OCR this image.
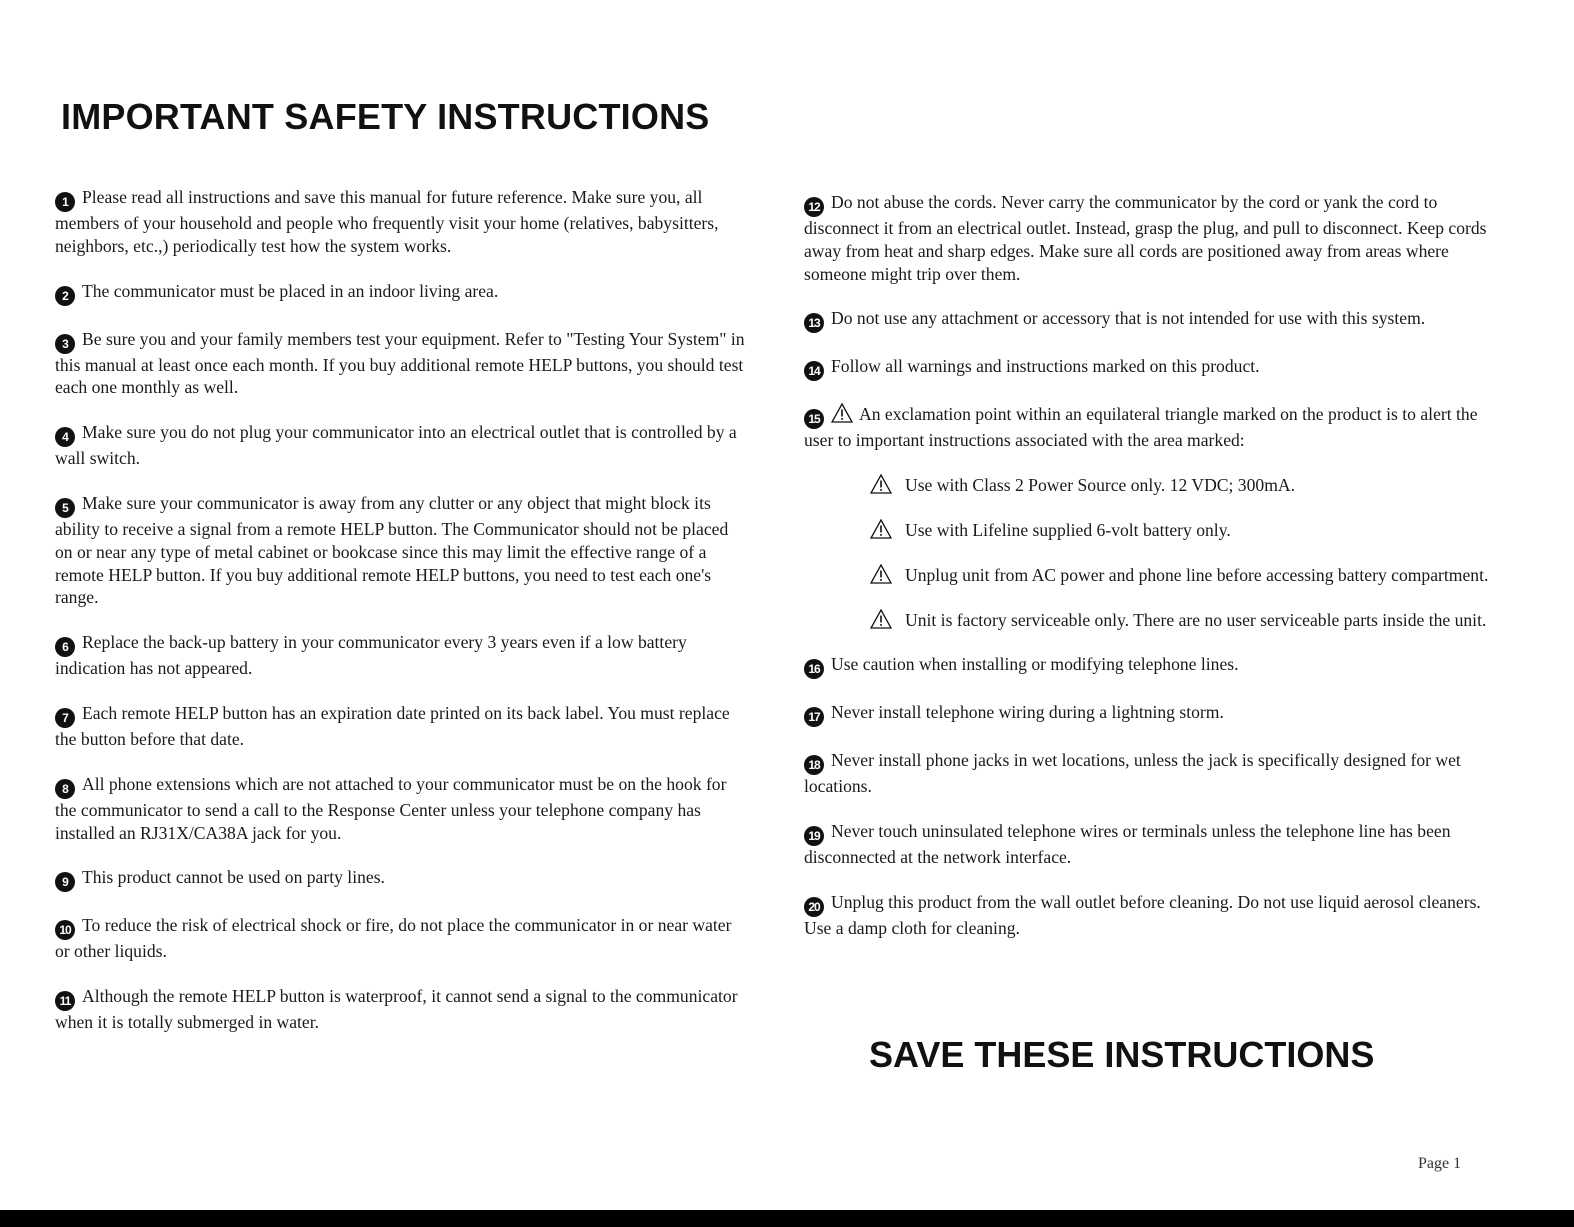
IMPORTANT SAFETY INSTRUCTIONS

1 Please read all instructions and save this manual for future reference. Make sure you, all members of your household and people who frequently visit your home (relatives, babysitters, neighbors, etc.,) periodically test how the system works.

2 The communicator must be placed in an indoor living area.

3 Be sure you and your family members test your equipment. Refer to "Testing Your System" in this manual at least once each month. If you buy additional remote HELP buttons, you should test each one monthly as well.

4 Make sure you do not plug your communicator into an electrical outlet that is controlled by a wall switch.

5 Make sure your communicator is away from any clutter or any object that might block its ability to receive a signal from a remote HELP button. The Communicator should not be placed on or near any type of metal cabinet or bookcase since this may limit the effective range of a remote HELP button. If you buy additional remote HELP buttons, you need to test each one's range.

6 Replace the back-up battery in your communicator every 3 years even if a low battery indication has not appeared.

7 Each remote HELP button has an expiration date printed on its back label. You must replace the button before that date.

8 All phone extensions which are not attached to your communicator must be on the hook for the communicator to send a call to the Response Center unless your telephone company has installed an RJ31X/CA38A jack for you.

9 This product cannot be used on party lines.

10 To reduce the risk of electrical shock or fire, do not place the communicator in or near water or other liquids.

11 Although the remote HELP button is waterproof, it cannot send a signal to the communicator when it is totally submerged in water.

12 Do not abuse the cords. Never carry the communicator by the cord or yank the cord to disconnect it from an electrical outlet. Instead, grasp the plug, and pull to disconnect. Keep cords away from heat and sharp edges. Make sure all cords are positioned away from areas where someone might trip over them.

13 Do not use any attachment or accessory that is not intended for use with this system.

14 Follow all warnings and instructions marked on this product.

15 An exclamation point within an equilateral triangle marked on the product is to alert the user to important instructions associated with the area marked:

Use with Class 2 Power Source only. 12 VDC; 300mA.

Use with Lifeline supplied 6-volt battery only.

Unplug unit from AC power and phone line before accessing battery compartment.

Unit is factory serviceable only. There are no user serviceable parts inside the unit.

16 Use caution when installing or modifying telephone lines.

17 Never install telephone wiring during a lightning storm.

18 Never install phone jacks in wet locations, unless the jack is specifically designed for wet locations.

19 Never touch uninsulated telephone wires or terminals unless the telephone line has been disconnected at the network interface.

20 Unplug this product from the wall outlet before cleaning. Do not use liquid aerosol cleaners. Use a damp cloth for cleaning.

SAVE THESE INSTRUCTIONS
Page 1
